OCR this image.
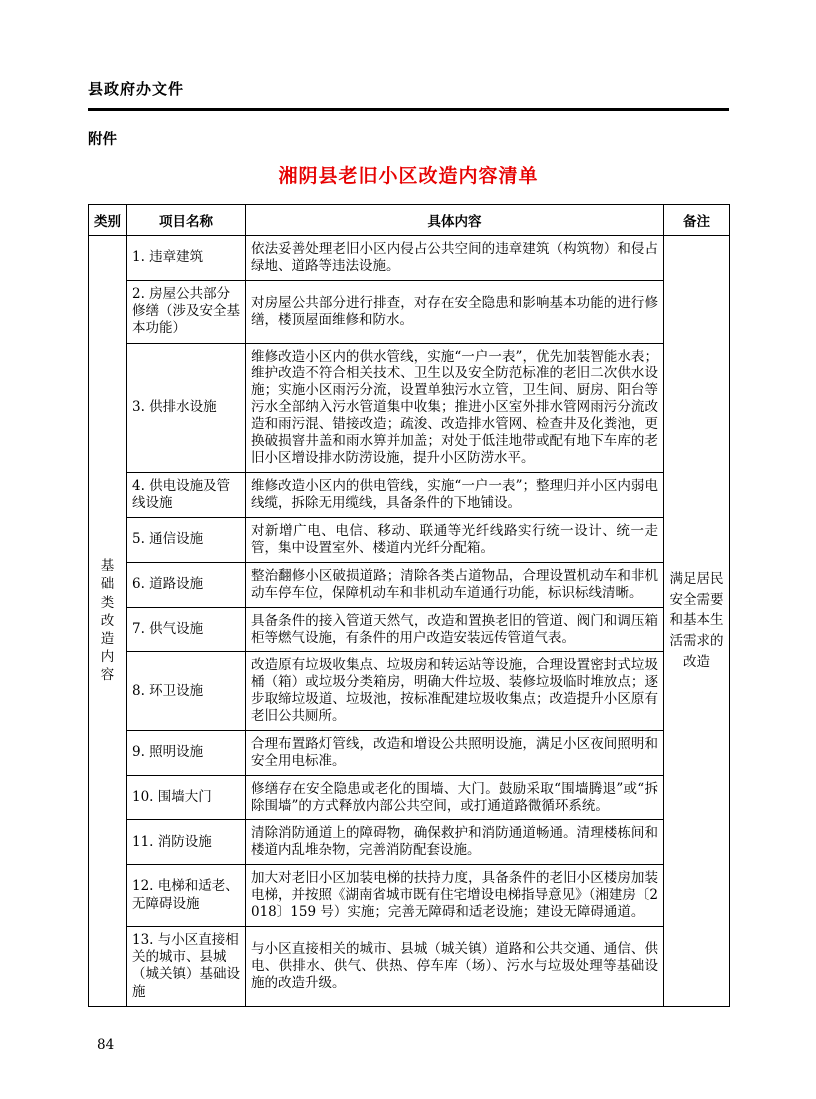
县政府办文件
附件
湘阴县老旧小区改造内容清单
类别	项目名称	具体内容	备注

基础类改造内容	1. 违章建筑	依法妥善处理老旧小区内侵占公共空间的违章建筑（构筑物）和侵占绿地、道路等违法设施。	满足居民安全需要和基本生活需求的改造

	2. 房屋公共部分修缮（涉及安全基本功能）	对房屋公共部分进行排查，对存在安全隐患和影响基本功能的进行修缮，楼顶屋面维修和防水。	
	3. 供排水设施	维修改造小区内的供水管线，实施“一户一表”，优先加装智能水表；维护改造不符合相关技术、卫生以及安全防范标准的老旧二次供水设施；实施小区雨污分流，设置单独污水立管，卫生间、厨房、阳台等污水全部纳入污水管道集中收集；推进小区室外排水管网雨污分流改造和雨污混、错接改造；疏浚、改造排水管网、检查井及化粪池，更换破损窨井盖和雨水箅并加盖；对处于低洼地带或配有地下车库的老旧小区增设排水防涝设施，提升小区防涝水平。	
	4. 供电设施及管线设施	维修改造小区内的供电管线，实施“一户一表”；整理归并小区内弱电线缆，拆除无用缆线，具备条件的下地铺设。	
	5. 通信设施	对新增广电、电信、移动、联通等光纤线路实行统一设计、统一走管，集中设置室外、楼道内光纤分配箱。	
	6. 道路设施	整治翻修小区破损道路；清除各类占道物品，合理设置机动车和非机动车停车位，保障机动车和非机动车道通行功能，标识标线清晰。	
	7. 供气设施	具备条件的接入管道天然气，改造和置换老旧的管道、阀门和调压箱柜等燃气设施，有条件的用户改造安装远传管道气表。	
	8. 环卫设施	改造原有垃圾收集点、垃圾房和转运站等设施，合理设置密封式垃圾桶（箱）或垃圾分类箱房，明确大件垃圾、装修垃圾临时堆放点；逐步取缔垃圾道、垃圾池，按标准配建垃圾收集点；改造提升小区原有老旧公共厕所。	
	9. 照明设施	合理布置路灯管线，改造和增设公共照明设施，满足小区夜间照明和安全用电标准。	
	10. 围墙大门	修缮存在安全隐患或老化的围墙、大门。鼓励采取“围墙腾退”或“拆除围墙”的方式释放内部公共空间，或打通道路微循环系统。	
	11. 消防设施	清除消防通道上的障碍物，确保救护和消防通道畅通。清理楼栋间和楼道内乱堆杂物，完善消防配套设施。	
	12. 电梯和适老、无障碍设施	加大对老旧小区加装电梯的扶持力度，具备条件的老旧小区楼房加装电梯，并按照《湖南省城市既有住宅增设电梯指导意见》（湘建房〔2018〕159 号）实施；完善无障碍和适老设施；建设无障碍通道。	
	13. 与小区直接相关的城市、县城（城关镇）基础设施	与小区直接相关的城市、县城（城关镇）道路和公共交通、通信、供电、供排水、供气、供热、停车库（场）、污水与垃圾处理等基础设施的改造升级。	
84
